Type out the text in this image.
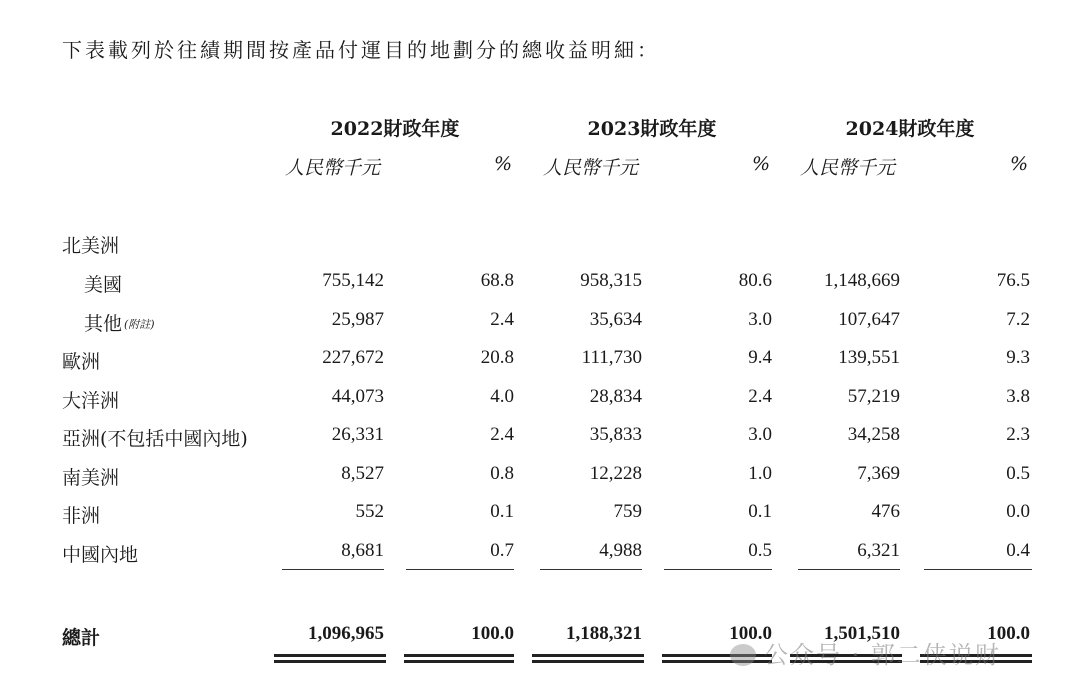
下表載列於往績期間按產品付運目的地劃分的總收益明細：
2022財政年度	2023財政年度	2024財政年度
人民幣千元	% 人民幣千元	% 人民幣千元	%
北美洲
美國	755,142	68.8	958,315	80.6	1,148,669	76.5
其他 (附註)	25,987	2.4	35,634	3.0	107,647	7.2
歐洲	227,672	20.8	111,730	9.4	139,551	9.3
大洋洲	44,073	4.0	28,834	2.4	57,219	3.8
亞洲(不包括中國內地)	26,331	2.4	35,833	3.0	34,258	2.3
南美洲	8,527	0.8	12,228	1.0	7,369	0.5
非洲	552	0.1	759	0.1	476	0.0
中國內地	8,681	0.7	4,988	0.5	6,321	0.4
總計	1,096,965	100.0	1,188,321	100.0	1,501,510	100.0
公众号 · 郭二侠说财
